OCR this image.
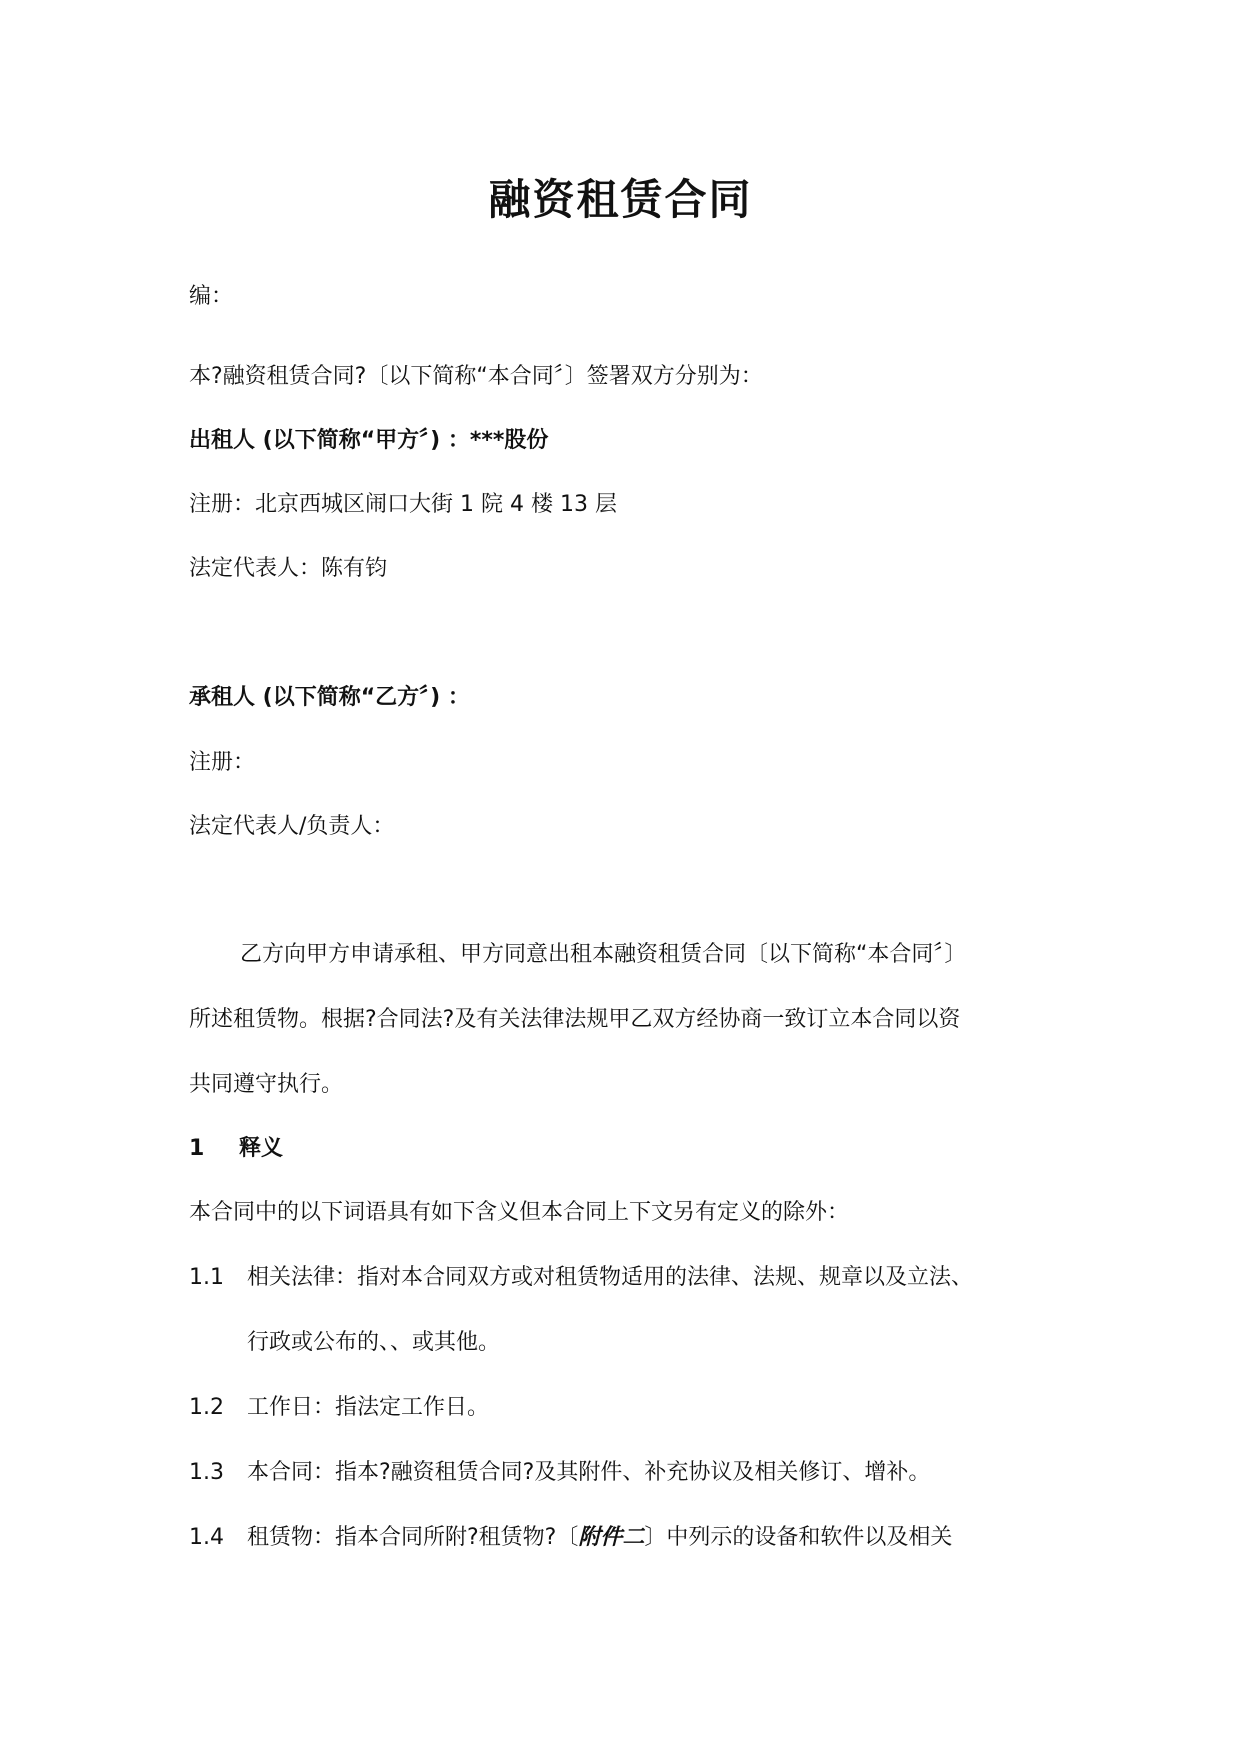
融资租赁合同
编：
本?融资租赁合同?〔以下简称“本合同〞〕签署双方分别为：
出租人 (以下简称“甲方〞) ：***股份
注册：北京西城区闹口大街 1 院 4 楼 13 层
法定代表人：陈有钧
承租人 (以下简称“乙方〞) ：
注册：
法定代表人/负责人：
乙方向甲方申请承租、甲方同意出租本融资租赁合同〔以下简称“本合同〞〕
所述租赁物。根据?合同法?及有关法律法规甲乙双方经协商一致订立本合同以资
共同遵守执行。
1 释义
本合同中的以下词语具有如下含义但本合同上下文另有定义的除外：
1.1 相关法律：指对本合同双方或对租赁物适用的法律、法规、规章以及立法、
行政或公布的、、或其他。
1.2 工作日：指法定工作日。
1.3 本合同：指本?融资租赁合同?及其附件、补充协议及相关修订、增补。
1.4 租赁物：指本合同所附?租赁物?〔附件二〕中列示的设备和软件以及相关
